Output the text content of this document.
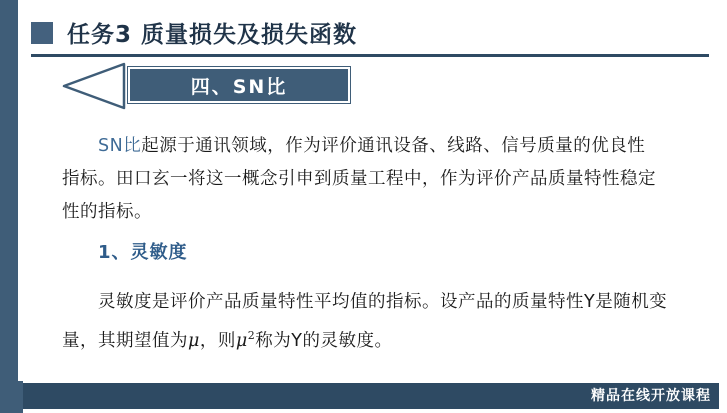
任务3 质量损失及损失函数
四、SN比
SN比起源于通讯领域，作为评价通讯设备、线路、信号质量的优良性指标。田口玄一将这一概念引申到质量工程中，作为评价产品质量特性稳定性的指标。
1、灵敏度
灵敏度是评价产品质量特性平均值的指标。设产品的质量特性Y是随机变量，其期望值为μ，则$\mu^2$称为Y的灵敏度。
精品在线开放课程
